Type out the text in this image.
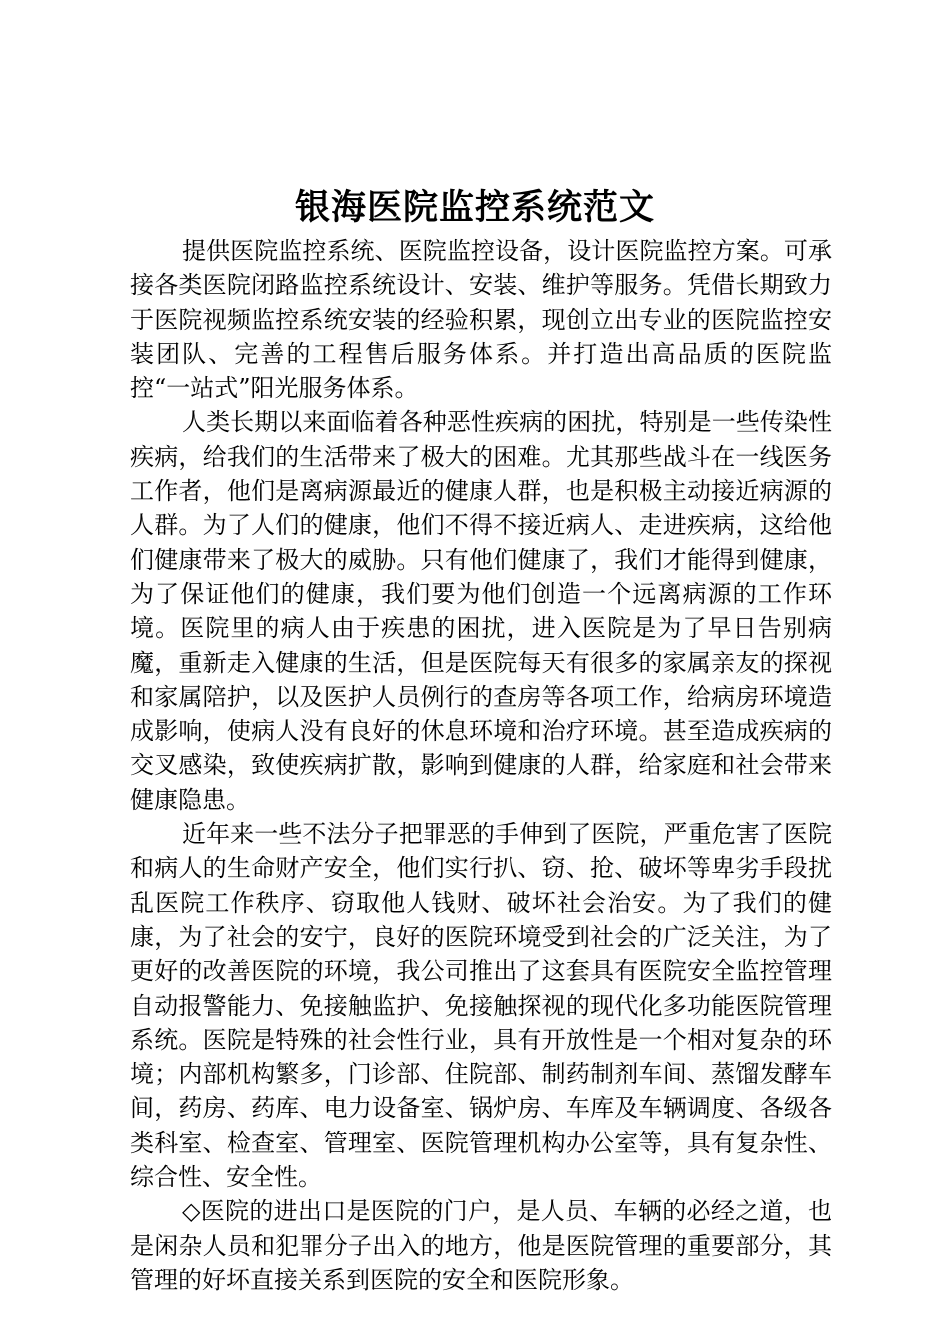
银海医院监控系统范文

提供医院监控系统、医院监控设备，设计医院监控方案。可承接各类医院闭路监控系统设计、安装、维护等服务。凭借长期致力于医院视频监控系统安装的经验积累，现创立出专业的医院监控安装团队、完善的工程售后服务体系。并打造出高品质的医院监控“一站式”阳光服务体系。

人类长期以来面临着各种恶性疾病的困扰，特别是一些传染性疾病，给我们的生活带来了极大的困难。尤其那些战斗在一线医务工作者，他们是离病源最近的健康人群，也是积极主动接近病源的人群。为了人们的健康，他们不得不接近病人、走进疾病，这给他们健康带来了极大的威胁。只有他们健康了，我们才能得到健康，为了保证他们的健康，我们要为他们创造一个远离病源的工作环境。医院里的病人由于疾患的困扰，进入医院是为了早日告别病魔，重新走入健康的生活，但是医院每天有很多的家属亲友的探视和家属陪护，以及医护人员例行的查房等各项工作，给病房环境造成影响，使病人没有良好的休息环境和治疗环境。甚至造成疾病的交叉感染，致使疾病扩散，影响到健康的人群，给家庭和社会带来健康隐患。

近年来一些不法分子把罪恶的手伸到了医院，严重危害了医院和病人的生命财产安全，他们实行扒、窃、抢、破坏等卑劣手段扰乱医院工作秩序、窃取他人钱财、破坏社会治安。为了我们的健康，为了社会的安宁，良好的医院环境受到社会的广泛关注，为了更好的改善医院的环境，我公司推出了这套具有医院安全监控管理自动报警能力、免接触监护、免接触探视的现代化多功能医院管理系统。医院是特殊的社会性行业，具有开放性是一个相对复杂的环境；内部机构繁多，门诊部、住院部、制药制剂车间、蒸馏发酵车间，药房、药库、电力设备室、锅炉房、车库及车辆调度、各级各类科室、检查室、管理室、医院管理机构办公室等，具有复杂性、综合性、安全性。

◇医院的进出口是医院的门户，是人员、车辆的必经之道，也是闲杂人员和犯罪分子出入的地方，他是医院管理的重要部分，其管理的好坏直接关系到医院的安全和医院形象。
